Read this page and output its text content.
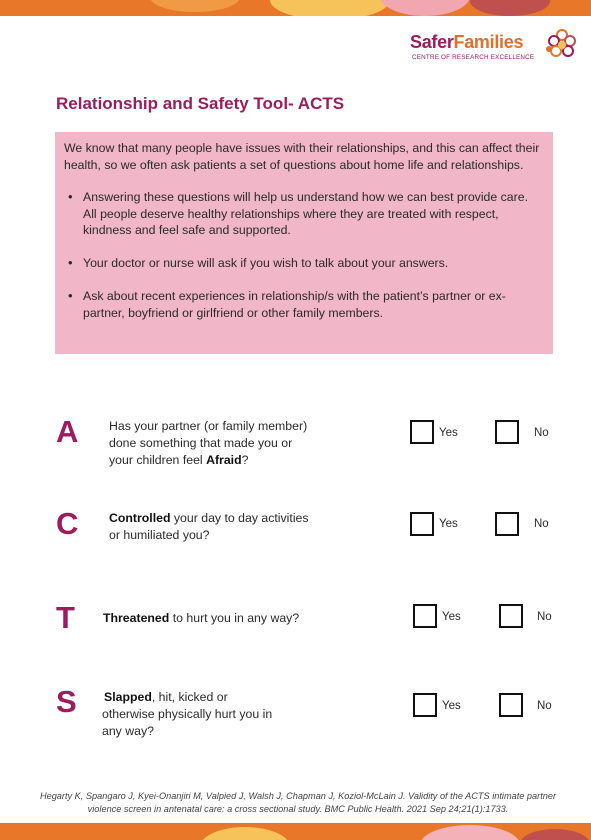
SaferFamilies
CENTRE OF RESEARCH EXCELLENCE
Relationship and Safety Tool- ACTS

We know that many people have issues with their relationships, and this can affect their health, so we often ask patients a set of questions about home life and relationships.

• Answering these questions will help us understand how we can best provide care. All people deserve healthy relationships where they are treated with respect, kindness and feel safe and supported.
• Your doctor or nurse will ask if you wish to talk about your answers.
• Ask about recent experiences in relationship/s with the patient’s partner or ex-partner, boyfriend or girlfriend or other family members.
A Has your partner (or family member)
done something that made you or
your children feel Afraid?
Yes	No
C Controlled your day to day activities
or humiliated you?
Yes	No
T Threatened to hurt you in any way?	Yes	No
S Slapped, hit, kicked or
otherwise physically hurt you in
any way?
Yes	No
Hegarty K, Spangaro J, Kyei-Onanjiri M, Valpied J, Walsh J, Chapman J, Koziol-McLain J. Validity of the ACTS intimate partner violence screen in antenatal care: a cross sectional study. BMC Public Health. 2021 Sep 24;21(1):1733.
